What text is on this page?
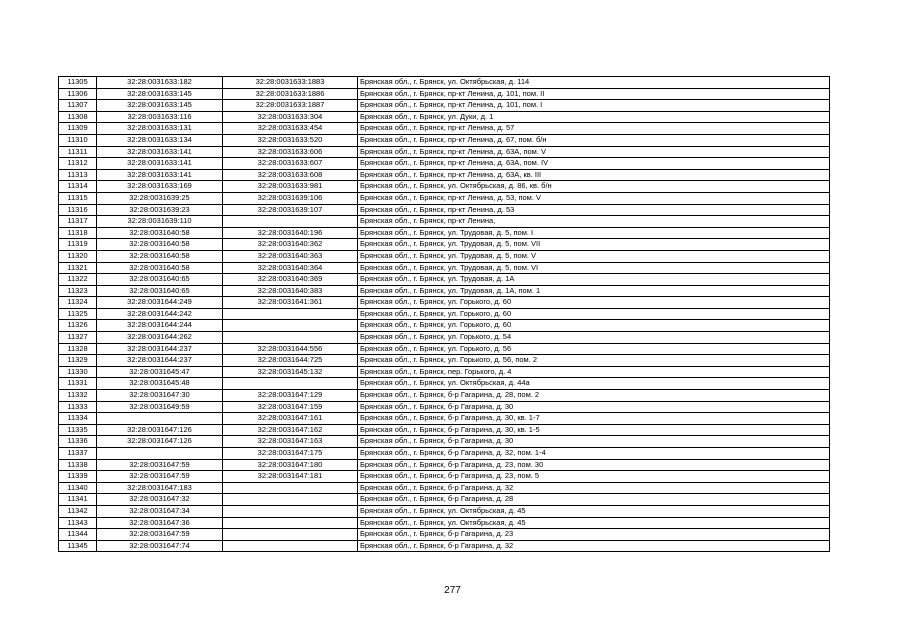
11305	32:28:0031633:182	32:28:0031633:1883	Брянская обл., г. Брянск, ул. Октябрьская, д. 114
11306	32:28:0031633:145	32:28:0031633:1886	Брянская обл., г. Брянск, пр-кт Ленина, д. 101, пом. II
11307	32:28:0031633:145	32:28:0031633:1887	Брянская обл., г. Брянск, пр-кт Ленина, д. 101, пом. I
11308	32:28:0031633:116	32:28:0031633:304	Брянская обл., г. Брянск, ул. Дуки, д. 1
11309	32:28:0031633:131	32:28:0031633:454	Брянская обл., г. Брянск, пр-кт Ленина, д. 57
11310	32:28:0031633:134	32:28:0031633:520	Брянская обл., г. Брянск, пр-кт Ленина, д. 67, пом. б/н
11311	32:28:0031633:141	32:28:0031633:606	Брянская обл., г. Брянск, пр-кт Ленина, д. 63А, пом. V
11312	32:28:0031633:141	32:28:0031633:607	Брянская обл., г. Брянск, пр-кт Ленина, д. 63А, пом. IV
11313	32:28:0031633:141	32:28:0031633:608	Брянская обл., г. Брянск, пр-кт Ленина, д. 63А, кв. III
11314	32:28:0031633:169	32:28:0031633:981	Брянская обл., г. Брянск, ул. Октябрьская, д. 86, кв. б/н
11315	32:28:0031639:25	32:28:0031639:106	Брянская обл., г. Брянск, пр-кт Ленина, д. 53, пом. V
11316	32:28:0031639:23	32:28:0031639:107	Брянская обл., г. Брянск, пр-кт Ленина, д. 53
11317	32:28:0031639:110		Брянская обл., г. Брянск, пр-кт Ленина,
11318	32:28:0031640:58	32:28:0031640:196	Брянская обл., г. Брянск, ул. Трудовая, д. 5, пом. I
11319	32:28:0031640:58	32:28:0031640:362	Брянская обл., г. Брянск, ул. Трудовая, д. 5, пом. VII
11320	32:28:0031640:58	32:28:0031640:363	Брянская обл., г. Брянск, ул. Трудовая, д. 5, пом. V
11321	32:28:0031640:58	32:28:0031640:364	Брянская обл., г. Брянск, ул. Трудовая, д. 5, пом. VI
11322	32:28:0031640:65	32:28:0031640:369	Брянская обл., г. Брянск, ул. Трудовая, д. 1А
11323	32:28:0031640:65	32:28:0031640:383	Брянская обл., г. Брянск, ул. Трудовая, д. 1А, пом. 1
11324	32:28:0031644:249	32:28:0031641:361	Брянская обл., г. Брянск, ул. Горького, д. 60
11325	32:28:0031644:242		Брянская обл., г. Брянск, ул. Горького, д. 60
11326	32:28:0031644:244		Брянская обл., г. Брянск, ул. Горького, д. 60
11327	32:28:0031644:262		Брянская обл., г. Брянск, ул. Горького, д. 54
11328	32:28:0031644:237	32:28:0031644:556	Брянская обл., г. Брянск, ул. Горького, д. 56
11329	32:28:0031644:237	32:28:0031644:725	Брянская обл., г. Брянск, ул. Горького, д. 56, пом. 2
11330	32:28:0031645:47	32:28:0031645:132	Брянская обл., г. Брянск, пер. Горького, д. 4
11331	32:28:0031645:48		Брянская обл., г. Брянск, ул. Октябрьская, д. 44а
11332	32:28:0031647:30	32:28:0031647:129	Брянская обл., г. Брянск, б-р Гагарина, д. 28, пом. 2
11333	32:28:0031649:59	32:28:0031647:159	Брянская обл., г. Брянск, б-р Гагарина, д. 30
11334		32:28:0031647:161	Брянская обл., г. Брянск, б-р Гагарина, д. 30, кв. 1-7
11335	32:28:0031647:126	32:28:0031647:162	Брянская обл., г. Брянск, б-р Гагарина, д. 30, кв. 1-5
11336	32:28:0031647:126	32:28:0031647:163	Брянская обл., г. Брянск, б-р Гагарина, д. 30
11337		32:28:0031647:175	Брянская обл., г. Брянск, б-р Гагарина, д. 32, пом. 1-4
11338	32:28:0031647:59	32:28:0031647:180	Брянская обл., г. Брянск, б-р Гагарина, д. 23, пом. 30
11339	32:28:0031647:59	32:28:0031647:181	Брянская обл., г. Брянск, б-р Гагарина, д. 23, пом. 5
11340	32:28:0031647:183		Брянская обл., г. Брянск, б-р Гагарина, д. 32
11341	32:28:0031647:32		Брянская обл., г. Брянск, б-р Гагарина, д. 28
11342	32:28:0031647:34		Брянская обл., г. Брянск, ул. Октябрьская, д. 45
11343	32:28:0031647:36		Брянская обл., г. Брянск, ул. Октябрьская, д. 45
11344	32:28:0031647:59		Брянская обл., г. Брянск, б-р Гагарина, д. 23
11345	32:28:0031647:74		Брянская обл., г. Брянск, б-р Гагарина, д. 32
277
